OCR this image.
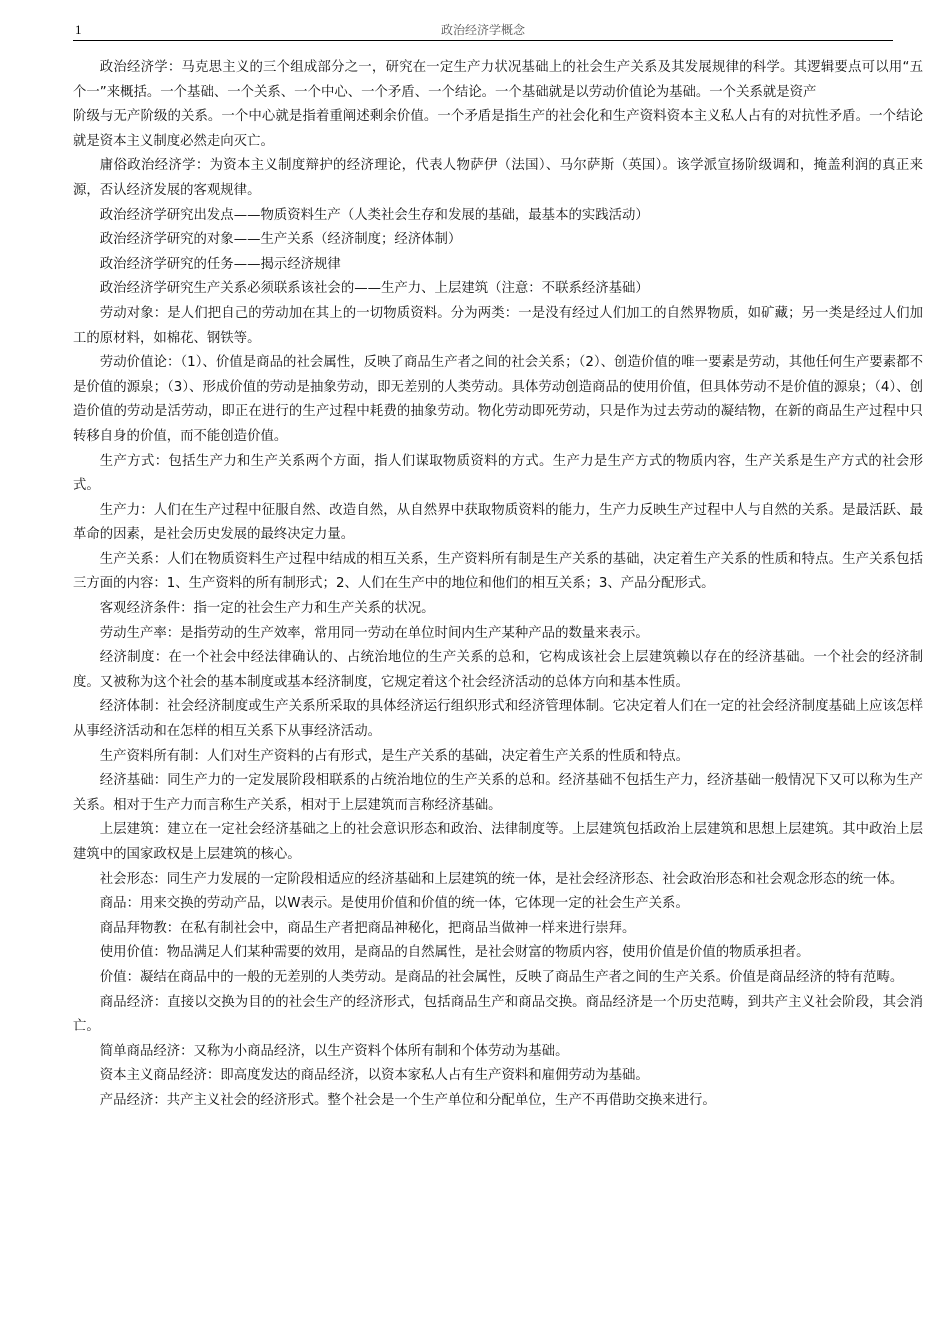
1	政治经济学概念

政治经济学：马克思主义的三个组成部分之一，研究在一定生产力状况基础上的社会生产关系及其发展规律的科学。其逻辑要点可以用“五个一”来概括。一个基础、一个关系、一个中心、一个矛盾、一个结论。一个基础就是以劳动价值论为基础。一个关系就是资产

阶级与无产阶级的关系。一个中心就是指着重阐述剩余价值。一个矛盾是指生产的社会化和生产资料资本主义私人占有的对抗性矛盾。一个结论就是资本主义制度必然走向灭亡。

庸俗政治经济学：为资本主义制度辩护的经济理论，代表人物萨伊（法国）、马尔萨斯（英国）。该学派宣扬阶级调和，掩盖利润的真正来源，否认经济发展的客观规律。

政治经济学研究出发点——物质资料生产（人类社会生存和发展的基础，最基本的实践活动）

政治经济学研究的对象——生产关系（经济制度；经济体制）

政治经济学研究的任务——揭示经济规律

政治经济学研究生产关系必须联系该社会的——生产力、上层建筑（注意：不联系经济基础）

劳动对象：是人们把自己的劳动加在其上的一切物质资料。分为两类：一是没有经过人们加工的自然界物质，如矿藏；另一类是经过人们加工的原材料，如棉花、钢铁等。

劳动价值论：（1）、价值是商品的社会属性，反映了商品生产者之间的社会关系；（2）、创造价值的唯一要素是劳动，其他任何生产要素都不是价值的源泉；（3）、形成价值的劳动是抽象劳动，即无差别的人类劳动。具体劳动创造商品的使用价值，但具体劳动不是价值的源泉；（4）、创造价值的劳动是活劳动，即正在进行的生产过程中耗费的抽象劳动。物化劳动即死劳动，只是作为过去劳动的凝结物，在新的商品生产过程中只转移自身的价值，而不能创造价值。

生产方式：包括生产力和生产关系两个方面，指人们谋取物质资料的方式。生产力是生产方式的物质内容，生产关系是生产方式的社会形式。

生产力：人们在生产过程中征服自然、改造自然，从自然界中获取物质资料的能力，生产力反映生产过程中人与自然的关系。是最活跃、最革命的因素，是社会历史发展的最终决定力量。

生产关系：人们在物质资料生产过程中结成的相互关系，生产资料所有制是生产关系的基础，决定着生产关系的性质和特点。生产关系包括三方面的内容：1、生产资料的所有制形式；2、人们在生产中的地位和他们的相互关系；3、产品分配形式。

客观经济条件：指一定的社会生产力和生产关系的状况。

劳动生产率：是指劳动的生产效率，常用同一劳动在单位时间内生产某种产品的数量来表示。

经济制度：在一个社会中经法律确认的、占统治地位的生产关系的总和，它构成该社会上层建筑赖以存在的经济基础。一个社会的经济制度。又被称为这个社会的基本制度或基本经济制度，它规定着这个社会经济活动的总体方向和基本性质。

经济体制：社会经济制度或生产关系所采取的具体经济运行组织形式和经济管理体制。它决定着人们在一定的社会经济制度基础上应该怎样从事经济活动和在怎样的相互关系下从事经济活动。

生产资料所有制：人们对生产资料的占有形式，是生产关系的基础，决定着生产关系的性质和特点。

经济基础：同生产力的一定发展阶段相联系的占统治地位的生产关系的总和。经济基础不包括生产力，经济基础一般情况下又可以称为生产关系。相对于生产力而言称生产关系，相对于上层建筑而言称经济基础。

上层建筑：建立在一定社会经济基础之上的社会意识形态和政治、法律制度等。上层建筑包括政治上层建筑和思想上层建筑。其中政治上层建筑中的国家政权是上层建筑的核心。

社会形态：同生产力发展的一定阶段相适应的经济基础和上层建筑的统一体，是社会经济形态、社会政治形态和社会观念形态的统一体。

商品：用来交换的劳动产品，以W表示。是使用价值和价值的统一体，它体现一定的社会生产关系。

商品拜物教：在私有制社会中，商品生产者把商品神秘化，把商品当做神一样来进行崇拜。

使用价值：物品满足人们某种需要的效用，是商品的自然属性，是社会财富的物质内容，使用价值是价值的物质承担者。

价值：凝结在商品中的一般的无差别的人类劳动。是商品的社会属性，反映了商品生产者之间的生产关系。价值是商品经济的特有范畴。

商品经济：直接以交换为目的的社会生产的经济形式，包括商品生产和商品交换。商品经济是一个历史范畴，到共产主义社会阶段，其会消亡。

简单商品经济：又称为小商品经济，以生产资料个体所有制和个体劳动为基础。

资本主义商品经济：即高度发达的商品经济，以资本家私人占有生产资料和雇佣劳动为基础。

产品经济：共产主义社会的经济形式。整个社会是一个生产单位和分配单位，生产不再借助交换来进行。
